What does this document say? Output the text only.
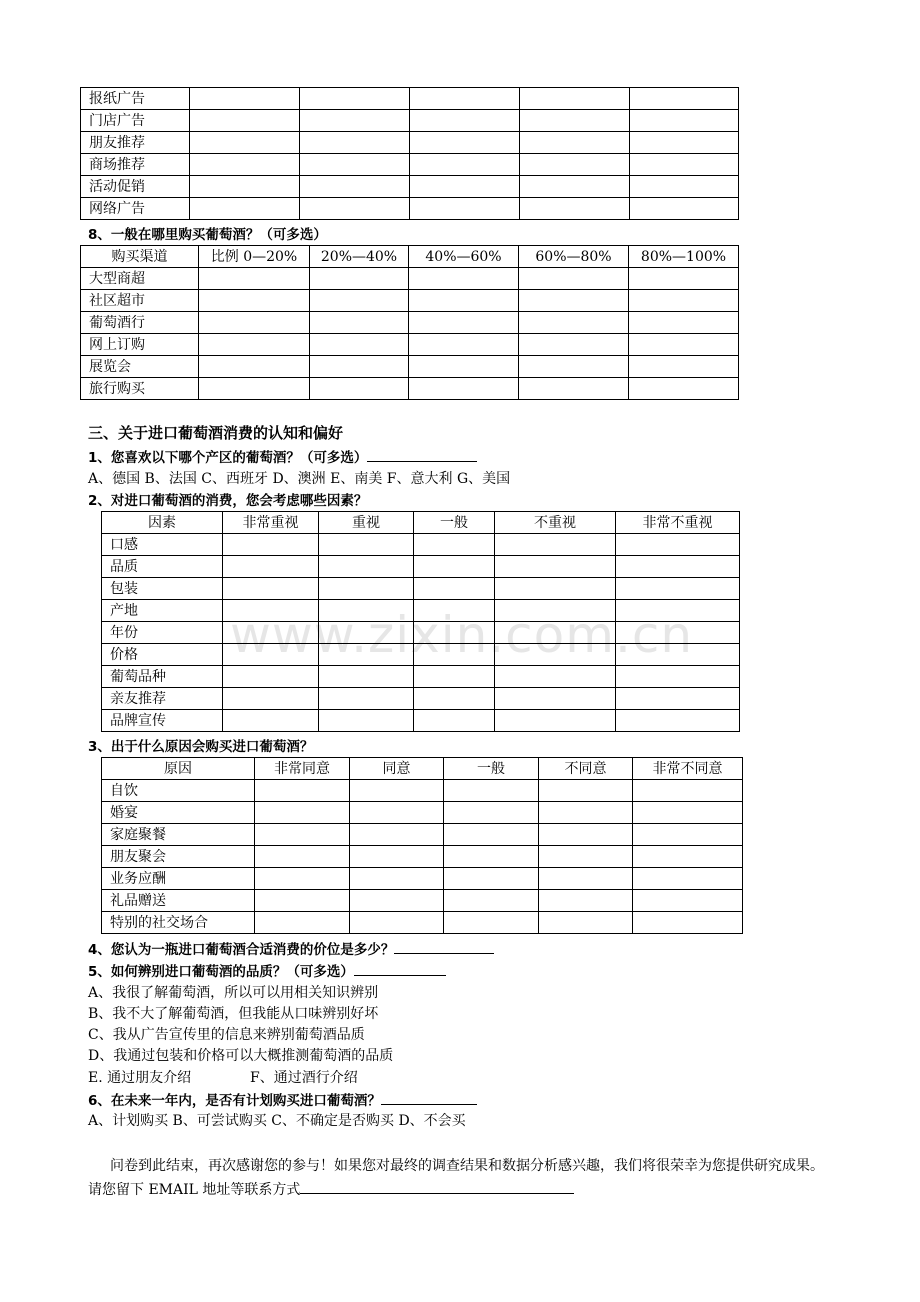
www.zixin.com.cn
报纸广告					
门店广告					
朋友推荐					
商场推荐					
活动促销					
网络广告					
8、一般在哪里购买葡萄酒？（可多选）
购买渠道	比例 0—20%	20%—40%	40%—60%	60%—80%	80%—100%
大型商超					
社区超市					
葡萄酒行					
网上订购					
展览会					
旅行购买					
三、关于进口葡萄酒消费的认知和偏好
1、您喜欢以下哪个产区的葡萄酒？（可多选）
A、德国 B、法国 C、西班牙 D、澳洲 E、南美 F、意大利 G、美国
2、对进口葡萄酒的消费，您会考虑哪些因素？
因素	非常重视	重视	一般	不重视	非常不重视
口感					
品质					
包装					
产地					
年份					
价格					
葡萄品种					
亲友推荐					
品牌宣传					
3、出于什么原因会购买进口葡萄酒？
原因	非常同意	同意	一般	不同意	非常不同意
自饮					
婚宴					
家庭聚餐					
朋友聚会					
业务应酬					
礼品赠送					
特别的社交场合					
4、您认为一瓶进口葡萄酒合适消费的价位是多少？
5、如何辨别进口葡萄酒的品质？（可多选）
A、我很了解葡萄酒，所以可以用相关知识辨别
B、我不大了解葡萄酒，但我能从口味辨别好坏
C、我从广告宣传里的信息来辨别葡萄酒品质
D、我通过包装和价格可以大概推测葡萄酒的品质
E. 通过朋友介绍	F、通过酒行介绍
6、在未来一年内，是否有计划购买进口葡萄酒？
A、计划购买 B、可尝试购买 C、不确定是否购买 D、不会买
问卷到此结束，再次感谢您的参与！如果您对最终的调查结果和数据分析感兴趣，我们将很荣幸为您提供研究成果。
请您留下 EMAIL 地址等联系方式
